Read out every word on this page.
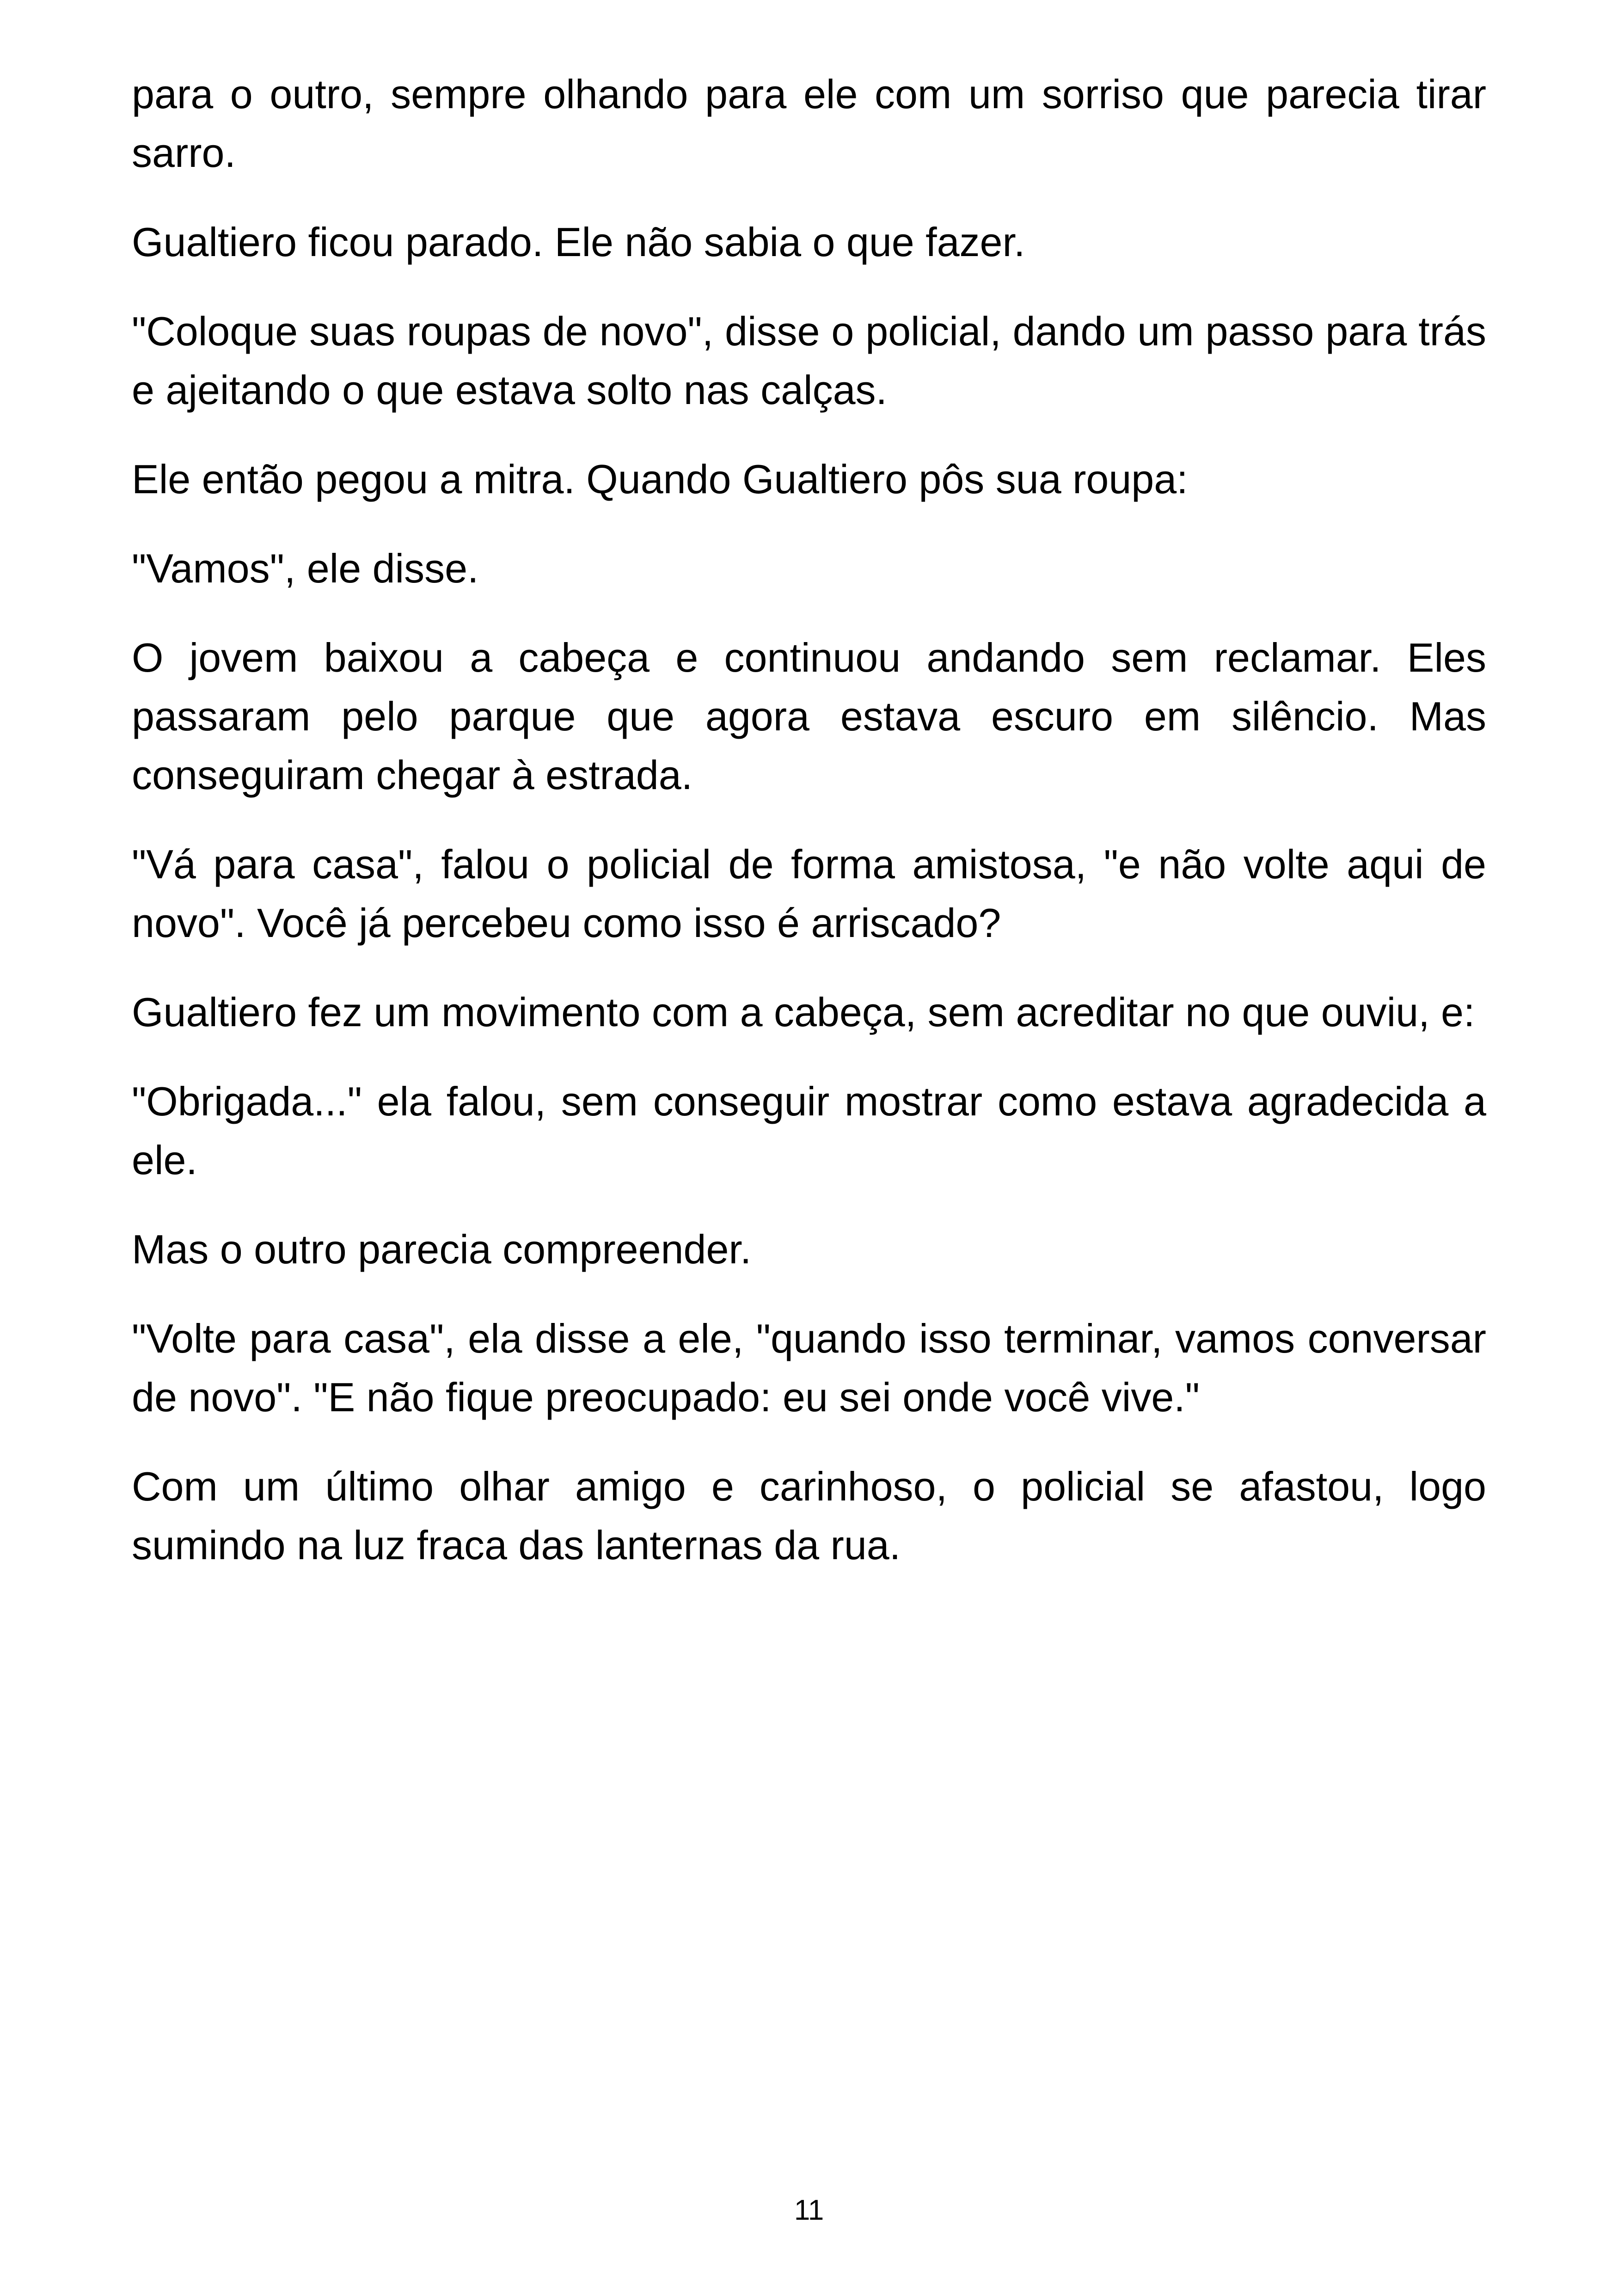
para o outro, sempre olhando para ele com um sorriso que parecia tirar sarro.

Gualtiero ficou parado. Ele não sabia o que fazer.

"Coloque suas roupas de novo", disse o policial, dando um passo para trás e ajeitando o que estava solto nas calças.

Ele então pegou a mitra. Quando Gualtiero pôs sua roupa:

"Vamos", ele disse.

O jovem baixou a cabeça e continuou andando sem reclamar. Eles passaram pelo parque que agora estava escuro em silêncio. Mas conseguiram chegar à estrada.

"Vá para casa", falou o policial de forma amistosa, "e não volte aqui de novo". Você já percebeu como isso é arriscado?

Gualtiero fez um movimento com a cabeça, sem acreditar no que ouviu, e:

"Obrigada..." ela falou, sem conseguir mostrar como estava agradecida a ele.

Mas o outro parecia compreender.

"Volte para casa", ela disse a ele, "quando isso terminar, vamos conversar de novo". "E não fique preocupado: eu sei onde você vive."

Com um último olhar amigo e carinhoso, o policial se afastou, logo sumindo na luz fraca das lanternas da rua.

11
